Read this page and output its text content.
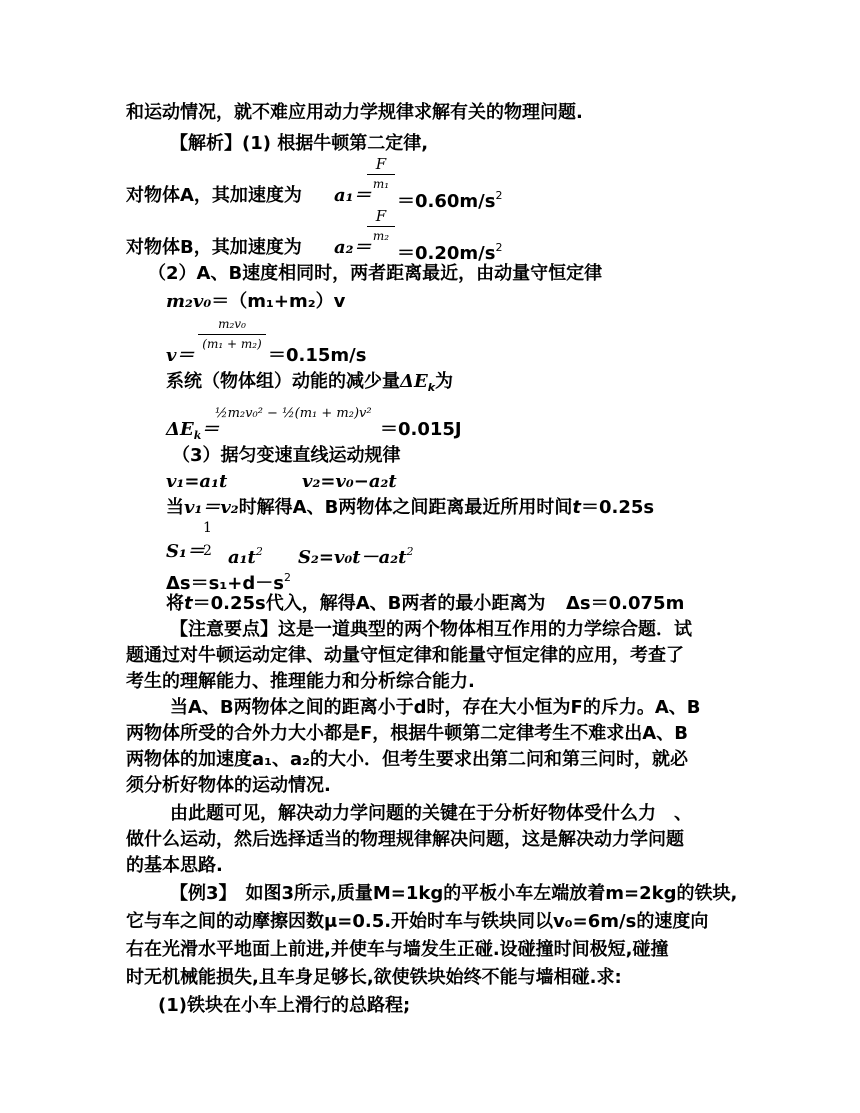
和运动情况，就不难应用动力学规律求解有关的物理问题.
【解析】(1) 根据牛顿第二定律,
对物体A，其加速度为 a₁＝
F
m₁
$=0.60m/s^2$
对物体B，其加速度为 a₂＝
F
m₂
$=0.20m/s^2$
（2）A、B速度相同时，两者距离最近，由动量守恒定律
m₂v₀＝（m₁+m₂）v
v＝
m₂v₀
(m₁ + m₂)
＝0.15m/s
系统（物体组）动能的减少量$\Delta E_k$为
$\Delta E_k=$
½m₂v₀² − ½(m₁ + m₂)v²
＝0.015J
（3）据匀变速直线运动规律
v₁=a₁t	v₂=v₀−a₂t
当v₁＝v₂时解得A、B两物体之间距离最近所用时间t＝0.25s
1
2
$S_1= a_1t^2$ $S_2=v_0t-a_2t^2$
$\Delta s=s_1+d-s^2$
将t＝0.25s代入，解得A、B两者的最小距离为 Δs＝0.075m
【注意要点】这是一道典型的两个物体相互作用的力学综合题．试
题通过对牛顿运动定律、动量守恒定律和能量守恒定律的应用，考查了
考生的理解能力、推理能力和分析综合能力.
当A、B两物体之间的距离小于d时，存在大小恒为F的斥力。A、B
两物体所受的合外力大小都是F，根据牛顿第二定律考生不难求出A、B
两物体的加速度a₁、a₂的大小．但考生要求出第二问和第三问时，就必
须分析好物体的运动情况.
由此题可见，解决动力学问题的关键在于分析好物体受什么力　、
做什么运动，然后选择适当的物理规律解决问题，这是解决动力学问题
的基本思路.
【例3】　如图3所示,质量M=1kg的平板小车左端放着m=2kg的铁块,
它与车之间的动摩擦因数μ=0.5.开始时车与铁块同以v₀=6m/s的速度向
右在光滑水平地面上前进,并使车与墙发生正碰.设碰撞时间极短,碰撞
时无机械能损失,且车身足够长,欲使铁块始终不能与墙相碰.求:
(1)铁块在小车上滑行的总路程;
